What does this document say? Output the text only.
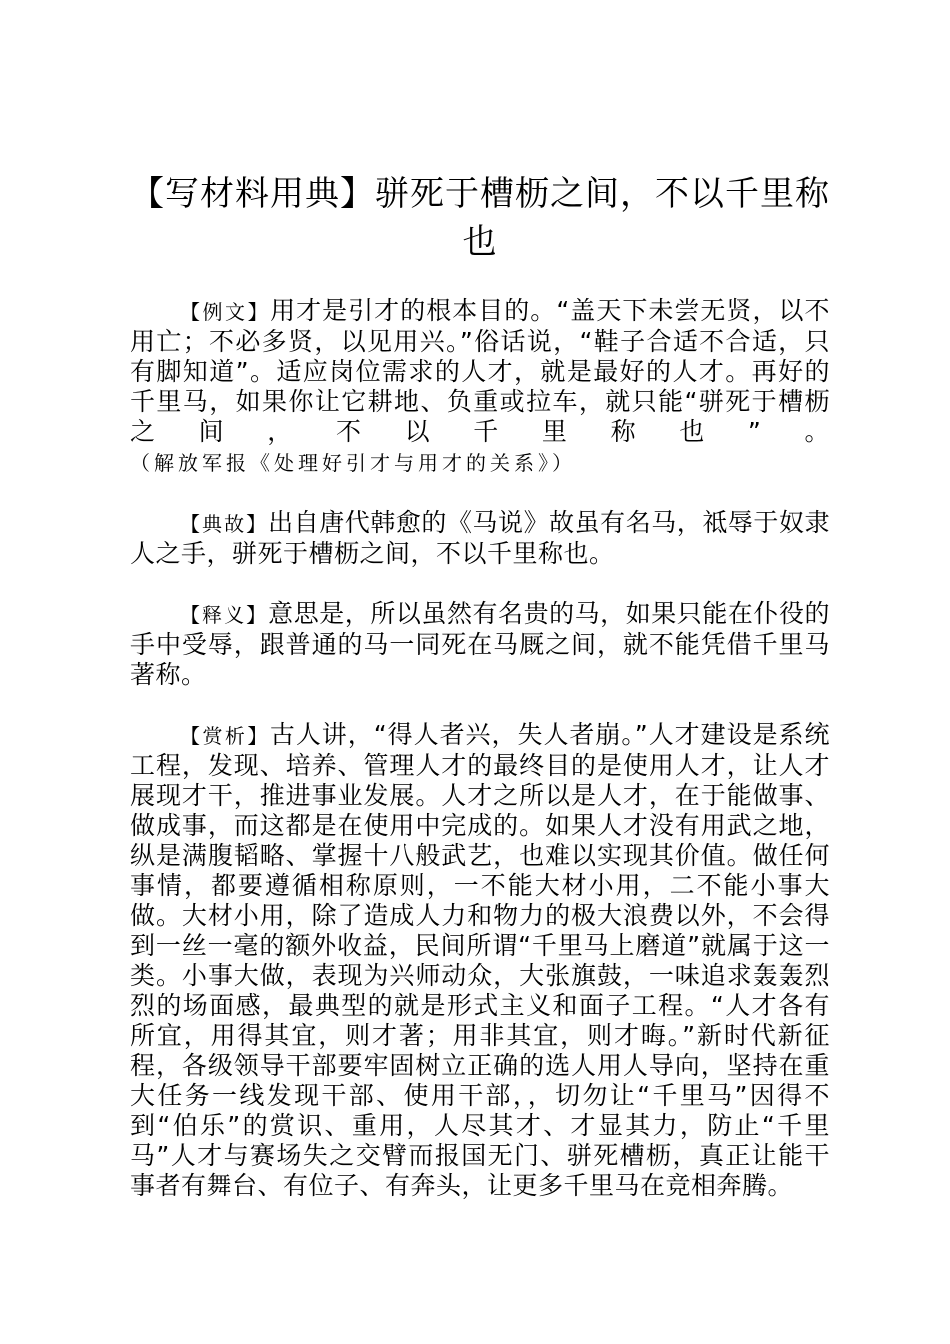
【写材料用典】骈死于槽枥之间，不以千里称也

【例文】用才是引才的根本目的。“盖天下未尝无贤，以不用亡；不必多贤，以见用兴。”俗话说，“鞋子合适不合适，只有脚知道”。适应岗位需求的人才，就是最好的人才。再好的千里马，如果你让它耕地、负重或拉车，就只能“骈死于槽枥之间，不以千里称也”。（解放军报《处理好引才与用才的关系》）

【典故】出自唐代韩愈的《马说》故虽有名马，祗辱于奴隶人之手，骈死于槽枥之间，不以千里称也。

【释义】意思是，所以虽然有名贵的马，如果只能在仆役的手中受辱，跟普通的马一同死在马厩之间，就不能凭借千里马著称。

【赏析】古人讲，“得人者兴，失人者崩。”人才建设是系统工程，发现、培养、管理人才的最终目的是使用人才，让人才展现才干，推进事业发展。人才之所以是人才，在于能做事、做成事，而这都是在使用中完成的。如果人才没有用武之地，纵是满腹韬略、掌握十八般武艺，也难以实现其价值。做任何事情，都要遵循相称原则，一不能大材小用，二不能小事大做。大材小用，除了造成人力和物力的极大浪费以外，不会得到一丝一毫的额外收益，民间所谓“千里马上磨道”就属于这一类。小事大做，表现为兴师动众，大张旗鼓，一味追求轰轰烈烈的场面感，最典型的就是形式主义和面子工程。“人才各有所宜，用得其宜，则才著；用非其宜，则才晦。”新时代新征程，各级领导干部要牢固树立正确的选人用人导向，坚持在重大任务一线发现干部、使用干部，，切勿让“千里马”因得不到“伯乐”的赏识、重用，人尽其才、才显其力，防止“千里马”人才与赛场失之交臂而报国无门、骈死槽枥，真正让能干事者有舞台、有位子、有奔头，让更多千里马在竞相奔腾。
